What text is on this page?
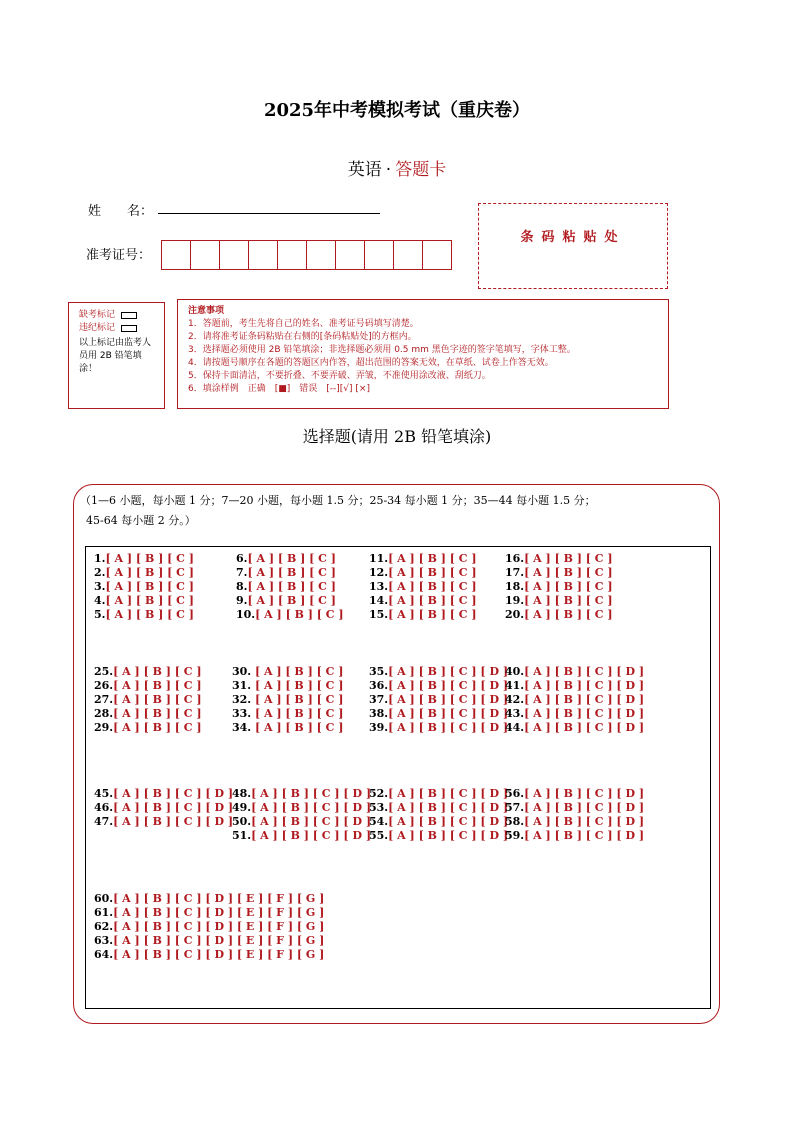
2025年中考模拟考试（重庆卷）
英语 · 答题卡
姓　　名：
准考证号：
条码粘贴处
缺考标记
违纪标记
以上标记由监考人员用 2B 铅笔填涂！
注意事项
1．答题前，考生先将自己的姓名、准考证号码填写清楚。
2．请将准考证条码粘贴在右侧的[条码粘贴处]的方框内。
3．选择题必须使用 2B 铅笔填涂；非选择题必须用 0.5 mm 黑色字迹的签字笔填写，字体工整。
4．请按题号顺序在各题的答题区内作答，超出范围的答案无效，在草纸、试卷上作答无效。
5．保持卡面清洁，不要折叠、不要弄破、弄皱，不准使用涂改液、刮纸刀。
6．填涂样例　正确　[■]　错误　[--][√] [×]
选择题(请用 2B 铅笔填涂)
（1—6 小题，每小题 1 分；7—20 小题，每小题 1.5 分；25-34 每小题 1 分；35—44 每小题 1.5 分；
45-64 每小题 2 分。）
1.[ A ] [ B ] [ C ]
2.[ A ] [ B ] [ C ]
3.[ A ] [ B ] [ C ]
4.[ A ] [ B ] [ C ]
5.[ A ] [ B ] [ C ]
6.[ A ] [ B ] [ C ]
7.[ A ] [ B ] [ C ]
8.[ A ] [ B ] [ C ]
9.[ A ] [ B ] [ C ]
10.[ A ] [ B ] [ C ]
11.[ A ] [ B ] [ C ]
12.[ A ] [ B ] [ C ]
13.[ A ] [ B ] [ C ]
14.[ A ] [ B ] [ C ]
15.[ A ] [ B ] [ C ]
16.[ A ] [ B ] [ C ]
17.[ A ] [ B ] [ C ]
18.[ A ] [ B ] [ C ]
19.[ A ] [ B ] [ C ]
20.[ A ] [ B ] [ C ]
25.[ A ] [ B ] [ C ]
26.[ A ] [ B ] [ C ]
27.[ A ] [ B ] [ C ]
28.[ A ] [ B ] [ C ]
29.[ A ] [ B ] [ C ]
30. [ A ] [ B ] [ C ]
31. [ A ] [ B ] [ C ]
32. [ A ] [ B ] [ C ]
33. [ A ] [ B ] [ C ]
34. [ A ] [ B ] [ C ]
35.[ A ] [ B ] [ C ] [ D ]
36.[ A ] [ B ] [ C ] [ D ]
37.[ A ] [ B ] [ C ] [ D ]
38.[ A ] [ B ] [ C ] [ D ]
39.[ A ] [ B ] [ C ] [ D ]
40.[ A ] [ B ] [ C ] [ D ]
41.[ A ] [ B ] [ C ] [ D ]
42.[ A ] [ B ] [ C ] [ D ]
43.[ A ] [ B ] [ C ] [ D ]
44.[ A ] [ B ] [ C ] [ D ]
45.[ A ] [ B ] [ C ] [ D ]
46.[ A ] [ B ] [ C ] [ D ]
47.[ A ] [ B ] [ C ] [ D ]
48.[ A ] [ B ] [ C ] [ D ]
49.[ A ] [ B ] [ C ] [ D ]
50.[ A ] [ B ] [ C ] [ D ]
51.[ A ] [ B ] [ C ] [ D ]
52.[ A ] [ B ] [ C ] [ D ]
53.[ A ] [ B ] [ C ] [ D ]
54.[ A ] [ B ] [ C ] [ D ]
55.[ A ] [ B ] [ C ] [ D ]
56.[ A ] [ B ] [ C ] [ D ]
57.[ A ] [ B ] [ C ] [ D ]
58.[ A ] [ B ] [ C ] [ D ]
59.[ A ] [ B ] [ C ] [ D ]
60.[ A ] [ B ] [ C ] [ D ] [ E ] [ F ] [ G ]
61.[ A ] [ B ] [ C ] [ D ] [ E ] [ F ] [ G ]
62.[ A ] [ B ] [ C ] [ D ] [ E ] [ F ] [ G ]
63.[ A ] [ B ] [ C ] [ D ] [ E ] [ F ] [ G ]
64.[ A ] [ B ] [ C ] [ D ] [ E ] [ F ] [ G ]
